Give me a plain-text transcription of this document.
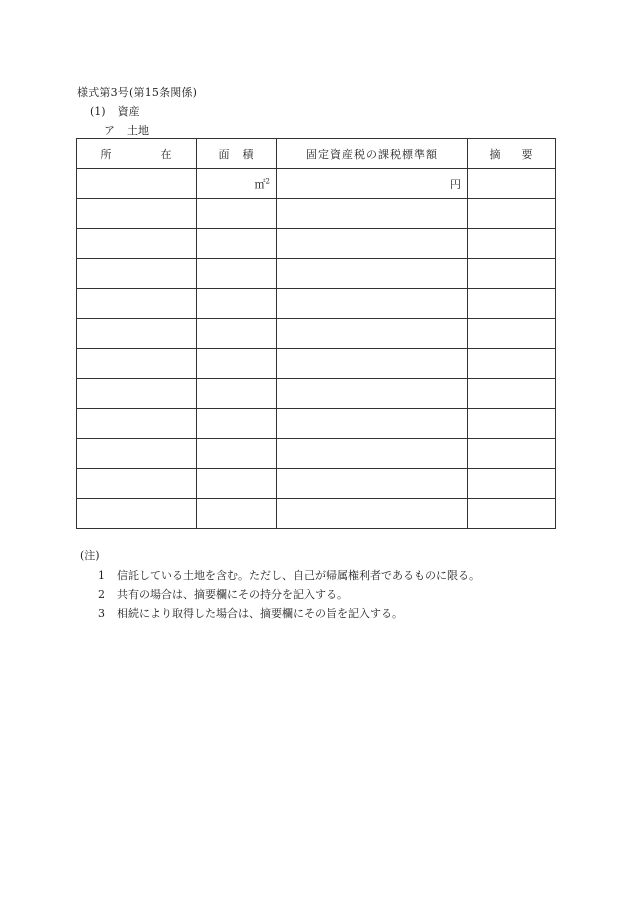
様式第3号(第15条関係)
(1) 資産
ア 土地
所 在	面 積	固定資産税の課税標準額	摘 要
	㎡$^2$	円	

(注)
1 信託している土地を含む。ただし、自己が帰属権利者であるものに限る。
2 共有の場合は、摘要欄にその持分を記入する。
3 相続により取得した場合は、摘要欄にその旨を記入する。
